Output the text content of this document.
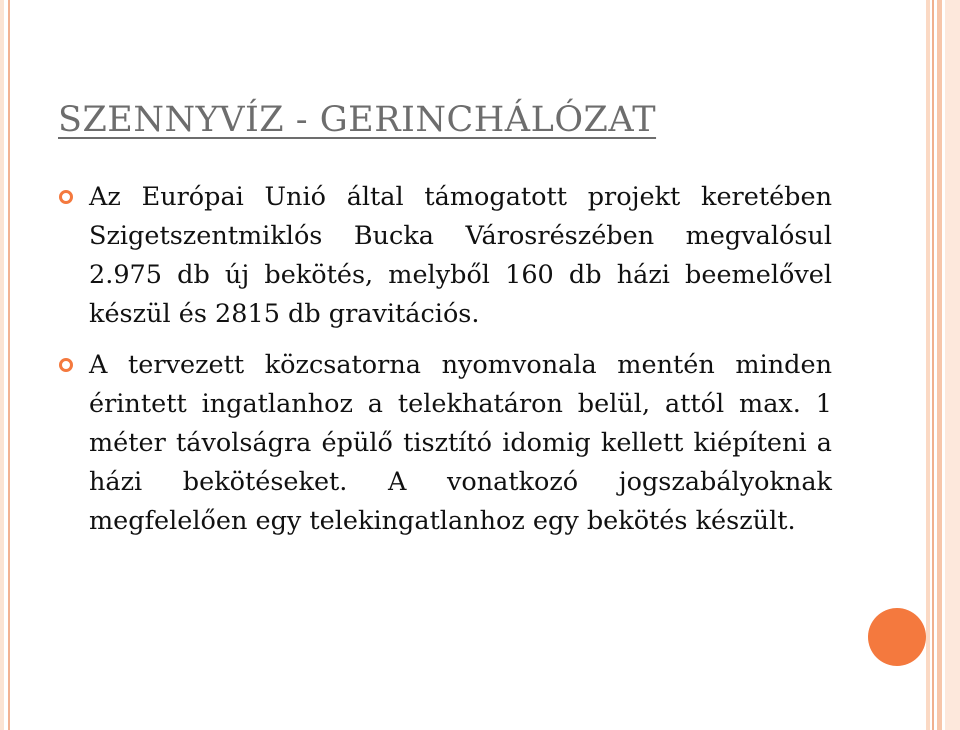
SZENNYVÍZ - GERINCHÁLÓZAT
Az Európai Unió által támogatott projekt keretében Szigetszentmiklós Bucka Városrészében megvalósul 2.975 db új bekötés, melyből 160 db házi beemelővel készül és 2815 db gravitációs.
A tervezett közcsatorna nyomvonala mentén minden érintett ingatlanhoz a telekhatáron belül, attól max. 1 méter távolságra épülő tisztító idomig kellett kiépíteni a házi bekötéseket. A vonatkozó jogszabályoknak megfelelően egy telekingatlanhoz egy bekötés készült.
